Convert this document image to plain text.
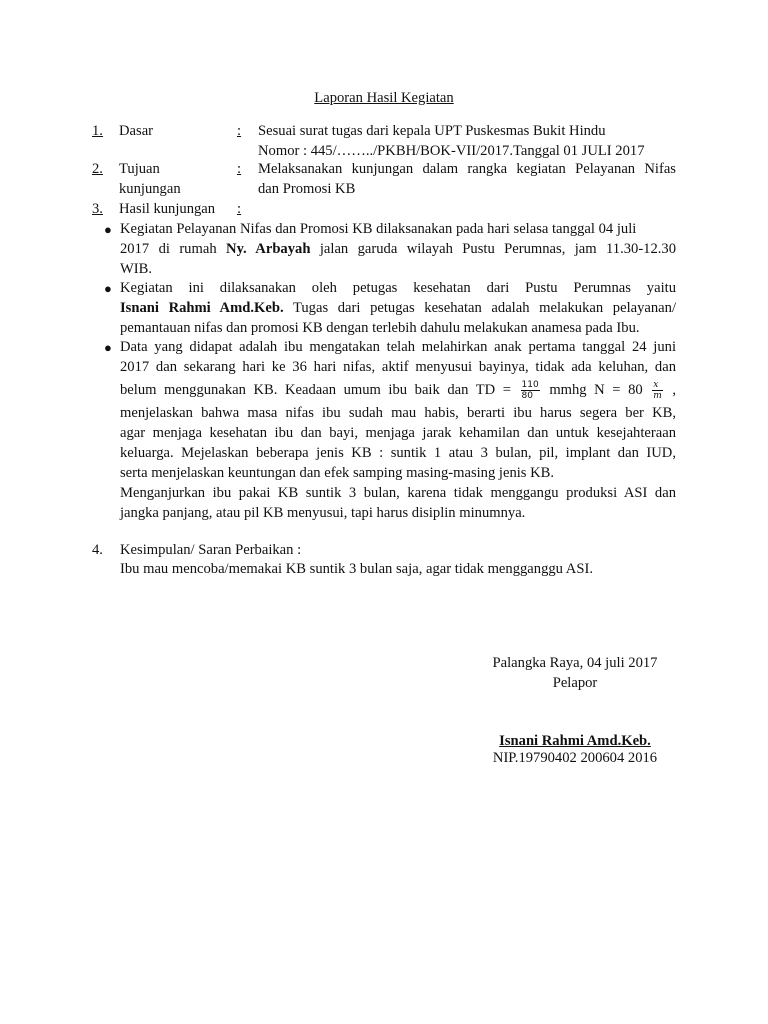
Laporan Hasil Kegiatan
1. Dasar	: Sesuai surat tugas dari kepala UPT Puskesmas Bukit Hindu
Nomor : 445/……../PKBH/BOK-VII/2017.Tanggal 01 JULI 2017
2. Tujuan
kunjungan
: Melaksanakan kunjungan dalam rangka kegiatan Pelayanan Nifas
dan Promosi KB
3. Hasil kunjungan :
● Kegiatan Pelayanan Nifas dan Promosi KB dilaksanakan pada hari selasa tanggal 04 juli
2017 di rumah Ny. Arbayah jalan garuda wilayah Pustu Perumnas, jam 11.30-12.30
WIB.
● Kegiatan ini dilaksanakan oleh petugas kesehatan dari Pustu Perumnas yaitu
Isnani Rahmi Amd.Keb. Tugas dari petugas kesehatan adalah melakukan pelayanan/
pemantauan nifas dan promosi KB dengan terlebih dahulu melakukan anamesa pada Ibu.
● Data yang didapat adalah ibu mengatakan telah melahirkan anak pertama tanggal 24 juni
2017 dan sekarang hari ke 36 hari nifas, aktif menyusui bayinya, tidak ada keluhan, dan
belum menggunakan KB. Keadaan umum ibu baik dan TD = $\frac{110}{80}$ mmhg $N = 80 \frac{x}{m}$ ,
menjelaskan bahwa masa nifas ibu sudah mau habis, berarti ibu harus segera ber KB,
agar menjaga kesehatan ibu dan bayi, menjaga jarak kehamilan dan untuk kesejahteraan
keluarga. Mejelaskan beberapa jenis KB : suntik 1 atau 3 bulan, pil, implant dan IUD,
serta menjelaskan keuntungan dan efek samping masing-masing jenis KB.
Menganjurkan ibu pakai KB suntik 3 bulan, karena tidak menggangu produksi ASI dan
jangka panjang, atau pil KB menyusui, tapi harus disiplin minumnya.
4. Kesimpulan/ Saran Perbaikan :
Ibu mau mencoba/memakai KB suntik 3 bulan saja, agar tidak mengganggu ASI.
Palangka Raya, 04 juli 2017
Pelapor
Isnani Rahmi Amd.Keb.
NIP.19790402 200604 2016
